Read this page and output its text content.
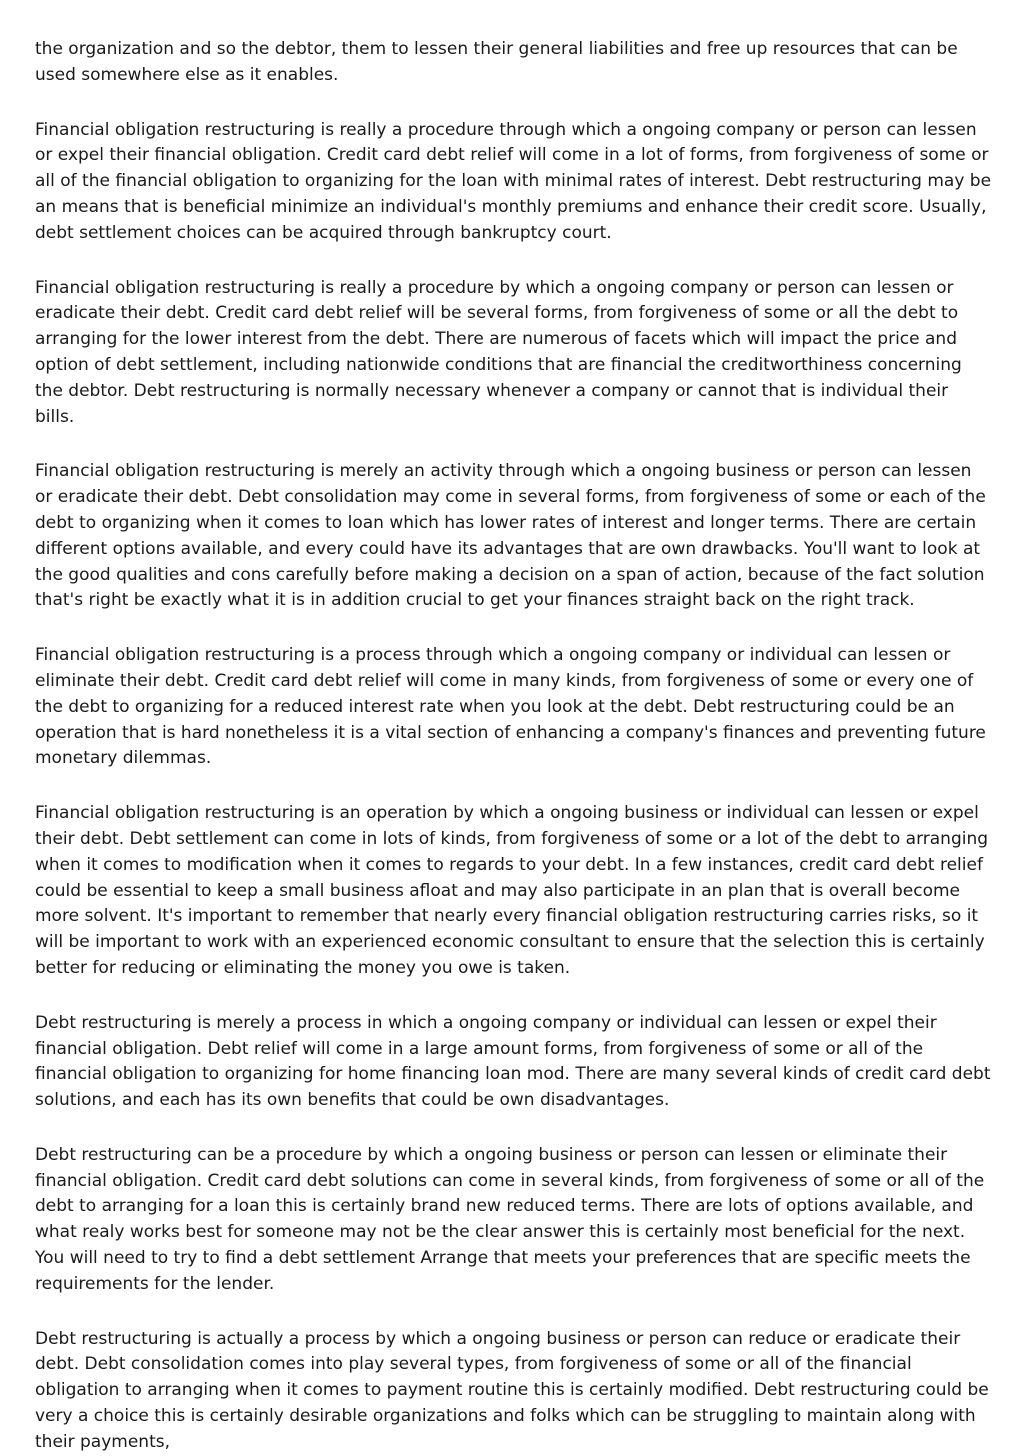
the organization and so the debtor, them to lessen their general liabilities and free up resources that can be used somewhere else as it enables.

Financial obligation restructuring is really a procedure through which a ongoing company or person can lessen or expel their financial obligation. Credit card debt relief will come in a lot of forms, from forgiveness of some or all of the financial obligation to organizing for the loan with minimal rates of interest. Debt restructuring may be an means that is beneficial minimize an individual's monthly premiums and enhance their credit score. Usually, debt settlement choices can be acquired through bankruptcy court.

Financial obligation restructuring is really a procedure by which a ongoing company or person can lessen or eradicate their debt. Credit card debt relief will be several forms, from forgiveness of some or all the debt to arranging for the lower interest from the debt. There are numerous of facets which will impact the price and option of debt settlement, including nationwide conditions that are financial the creditworthiness concerning the debtor. Debt restructuring is normally necessary whenever a company or cannot that is individual their bills.

Financial obligation restructuring is merely an activity through which a ongoing business or person can lessen or eradicate their debt. Debt consolidation may come in several forms, from forgiveness of some or each of the debt to organizing when it comes to loan which has lower rates of interest and longer terms. There are certain different options available, and every could have its advantages that are own drawbacks. You'll want to look at the good qualities and cons carefully before making a decision on a span of action, because of the fact solution that's right be exactly what it is in addition crucial to get your finances straight back on the right track.

Financial obligation restructuring is a process through which a ongoing company or individual can lessen or eliminate their debt. Credit card debt relief will come in many kinds, from forgiveness of some or every one of the debt to organizing for a reduced interest rate when you look at the debt. Debt restructuring could be an operation that is hard nonetheless it is a vital section of enhancing a company's finances and preventing future monetary dilemmas.

Financial obligation restructuring is an operation by which a ongoing business or individual can lessen or expel their debt. Debt settlement can come in lots of kinds, from forgiveness of some or a lot of the debt to arranging when it comes to modification when it comes to regards to your debt. In a few instances, credit card debt relief could be essential to keep a small business afloat and may also participate in an plan that is overall become more solvent. It's important to remember that nearly every financial obligation restructuring carries risks, so it will be important to work with an experienced economic consultant to ensure that the selection this is certainly better for reducing or eliminating the money you owe is taken.

Debt restructuring is merely a process in which a ongoing company or individual can lessen or expel their financial obligation. Debt relief will come in a large amount forms, from forgiveness of some or all of the financial obligation to organizing for home financing loan mod. There are many several kinds of credit card debt solutions, and each has its own benefits that could be own disadvantages.

Debt restructuring can be a procedure by which a ongoing business or person can lessen or eliminate their financial obligation. Credit card debt solutions can come in several kinds, from forgiveness of some or all of the debt to arranging for a loan this is certainly brand new reduced terms. There are lots of options available, and what realy works best for someone may not be the clear answer this is certainly most beneficial for the next. You will need to try to find a debt settlement Arrange that meets your preferences that are specific meets the requirements for the lender.

Debt restructuring is actually a process by which a ongoing business or person can reduce or eradicate their debt. Debt consolidation comes into play several types, from forgiveness of some or all of the financial obligation to arranging when it comes to payment routine this is certainly modified. Debt restructuring could be very a choice this is certainly desirable organizations and folks which can be struggling to maintain along with their payments,
